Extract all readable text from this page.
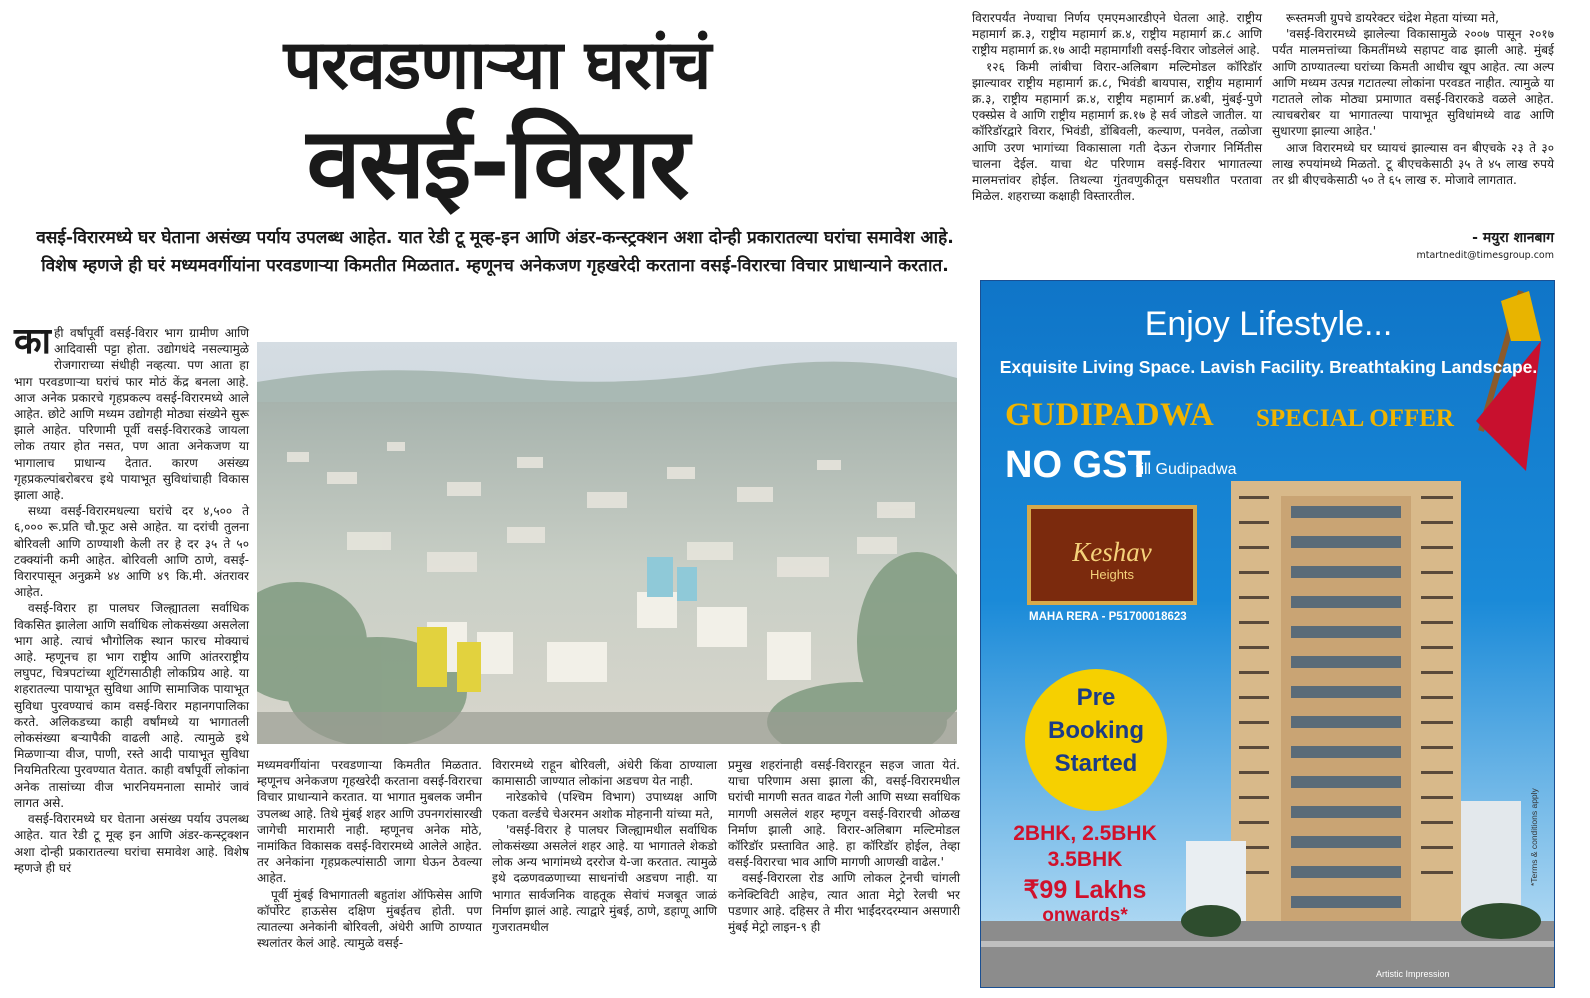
परवडणाऱ्या घरांचं
वसई-विरार
वसई-विरारमध्ये घर घेताना असंख्य पर्याय उपलब्ध आहेत. यात रेडी टू मूव्ह-इन आणि अंडर-कन्स्ट्रक्शन अशा दोन्ही प्रकारातल्या घरांचा समावेश आहे. विशेष म्हणजे ही घरं मध्यमवर्गीयांना परवडणाऱ्या किमतीत मिळतात. म्हणूनच अनेकजण गृहखरेदी करताना वसई-विरारचा विचार प्राधान्याने करतात.

काही वर्षांपूर्वी वसई-विरार भाग ग्रामीण आणि आदिवासी पट्टा होता. उद्योगधंदे नसल्यामुळे रोजगाराच्या संधीही नव्हत्या. पण आता हा भाग परवडणाऱ्या घरांचं फार मोठं केंद्र बनला आहे. आज अनेक प्रकारचे गृहप्रकल्प वसई-विरारमध्ये आले आहेत. छोटे आणि मध्यम उद्योगही मोठ्या संख्येने सुरू झाले आहेत. परिणामी पूर्वी वसई-विरारकडे जायला लोक तयार होत नसत, पण आता अनेकजण या भागालाच प्राधान्य देतात. कारण असंख्य गृहप्रकल्पांबरोबरच इथे पायाभूत सुविधांचाही विकास झाला आहे.

सध्या वसई-विरारमधल्या घरांचे दर ४,५०० ते ६,००० रू.प्रति चौ.फूट असे आहेत. या दरांची तुलना बोरिवली आणि ठाण्याशी केली तर हे दर ३५ ते ५० टक्क्यांनी कमी आहेत. बोरिवली आणि ठाणे, वसई-विरारपासून अनुक्रमे ४४ आणि ४९ कि.मी. अंतरावर आहेत.

वसई-विरार हा पालघर जिल्ह्यातला सर्वाधिक विकसित झालेला आणि सर्वाधिक लोकसंख्या असलेला भाग आहे. त्याचं भौगोलिक स्थान फारच मोक्याचं आहे. म्हणूनच हा भाग राष्ट्रीय आणि आंतरराष्ट्रीय लघुपट, चित्रपटांच्या शूटिंगसाठीही लोकप्रिय आहे. या शहरातल्या पायाभूत सुविधा आणि सामाजिक पायाभूत सुविधा पुरवण्याचं काम वसई-विरार महानगपालिका करते. अलिकडच्या काही वर्षांमध्ये या भागातली लोकसंख्या बऱ्यापैकी वाढली आहे. त्यामुळे इथे मिळणाऱ्या वीज, पाणी, रस्ते आदी पायाभूत सुविधा नियमितरित्या पुरवण्यात येतात. काही वर्षांपूर्वी लोकांना अनेक तासांच्या वीज भारनियमनाला सामोरं जावं लागत असे.

वसई-विरारमध्ये घर घेताना असंख्य पर्याय उपलब्ध आहेत. यात रेडी टू मूव्ह इन आणि अंडर-कन्स्ट्रक्शन अशा दोन्ही प्रकारातल्या घरांचा समावेश आहे. विशेष म्हणजे ही घरं

मध्यमवर्गीयांना परवडणाऱ्या किमतीत मिळतात. म्हणूनच अनेकजण गृहखरेदी करताना वसई-विरारचा विचार प्राधान्याने करतात. या भागात मुबलक जमीन उपलब्ध आहे. तिथे मुंबई शहर आणि उपनगरांसारखी जागेची मारामारी नाही. म्हणूनच अनेक मोठे, नामांकित विकासक वसई-विरारमध्ये आलेले आहेत. तर अनेकांना गृहप्रकल्पांसाठी जागा घेऊन ठेवल्या आहेत.

पूर्वी मुंबई विभागातली बहुतांश ऑफिसेस आणि कॉर्पोरेट हाऊसेस दक्षिण मुंबईतच होती. पण त्यातल्या अनेकांनी बोरिवली, अंधेरी आणि ठाण्यात स्थलांतर केलं आहे. त्यामुळे वसई-

विरारमध्ये राहून बोरिवली, अंधेरी किंवा ठाण्याला कामासाठी जाण्यात लोकांना अडचण येत नाही.

नारेडकोचे (पश्चिम विभाग) उपाध्यक्ष आणि एकता वर्ल्डचे चेअरमन अशोक मोहनानी यांच्या मते,

'वसई-विरार हे पालघर जिल्ह्यामधील सर्वाधिक लोकसंख्या असलेलं शहर आहे. या भागातले शेकडो लोक अन्य भागांमध्ये दररोज ये-जा करतात. त्यामुळे इथे दळणवळणाच्या साधनांची अडचण नाही. या भागात सार्वजनिक वाहतूक सेवांचं मजबूत जाळं निर्माण झालं आहे. त्याद्वारे मुंबई, ठाणे, डहाणू आणि गुजरातमधील

प्रमुख शहरांनाही वसई-विरारहून सहज जाता येतं. याचा परिणाम असा झाला की, वसई-विरारमधील घरांची मागणी सतत वाढत गेली आणि सध्या सर्वाधिक मागणी असलेलं शहर म्हणून वसई-विरारची ओळख निर्माण झाली आहे. विरार-अलिबाग मल्टिमोडल कॉरिडॉर प्रस्तावित आहे. हा कॉरिडॉर होईल, तेव्हा वसई-विरारचा भाव आणि मागणी आणखी वाढेल.'

वसई-विरारला रोड आणि लोकल ट्रेनची चांगली कनेक्टिविटी आहेच, त्यात आता मेट्रो रेलची भर पडणार आहे. दहिसर ते मीरा भाईंदरदरम्यान असणारी मुंबई मेट्रो लाइन-९ ही

विरारपर्यंत नेण्याचा निर्णय एमएमआरडीएने घेतला आहे. राष्ट्रीय महामार्ग क्र.३, राष्ट्रीय महामार्ग क्र.४, राष्ट्रीय महामार्ग क्र.८ आणि राष्ट्रीय महामार्ग क्र.१७ आदी महामार्गांशी वसई-विरार जोडलेलं आहे.

१२६ किमी लांबीचा विरार-अलिबाग मल्टिमोडल कॉरिडॉर झाल्यावर राष्ट्रीय महामार्ग क्र.८, भिवंडी बायपास, राष्ट्रीय महामार्ग क्र.३, राष्ट्रीय महामार्ग क्र.४, राष्ट्रीय महामार्ग क्र.४बी, मुंबई-पुणे एक्स्प्रेस वे आणि राष्ट्रीय महामार्ग क्र.१७ हे सर्व जोडले जातील. या कॉरिडॉरद्वारे विरार, भिवंडी, डोंबिवली, कल्याण, पनवेल, तळोजा आणि उरण भागांच्या विकासाला गती देऊन रोजगार निर्मितीस चालना देईल. याचा थेट परिणाम वसई-विरार भागातल्या मालमत्तांवर होईल. तिथल्या गुंतवणुकीतून घसघशीत परतावा मिळेल. शहराच्या कक्षाही विस्तारतील.

रूस्तमजी ग्रुपचे डायरेक्टर चंद्रेश मेहता यांच्या मते,

'वसई-विरारमध्ये झालेल्या विकासामुळे २००७ पासून २०१७ पर्यंत मालमत्तांच्या किमतींमध्ये सहापट वाढ झाली आहे. मुंबई आणि ठाण्यातल्या घरांच्या किमती आधीच खूप आहेत. त्या अल्प आणि मध्यम उत्पन्न गटातल्या लोकांना परवडत नाहीत. त्यामुळे या गटातले लोक मोठ्या प्रमाणात वसई-विरारकडे वळले आहेत. त्याचबरोबर या भागातल्या पायाभूत सुविधांमध्ये वाढ आणि सुधारणा झाल्या आहेत.'

आज विरारमध्ये घर घ्यायचं झाल्यास वन बीएचके २३ ते ३० लाख रुपयांमध्ये मिळतो. टू बीएचकेसाठी ३५ ते ४५ लाख रुपये तर थ्री बीएचकेसाठी ५० ते ६५ लाख रु. मोजावे लागतात.

- मयुरा शानबाग
mtartnedit@timesgroup.com
Enjoy Lifestyle...
Exquisite Living Space. Lavish Facility. Breathtaking Landscape.
GUDIPADWA SPECIAL OFFER
NO GST
till Gudipadwa
Keshav
Heights
MAHA RERA - P51700018623
Pre
Booking
Started
2BHK, 2.5BHK
3.5BHK
₹99 Lakhs
onwards*
*Terms & conditions apply
Artistic Impression
